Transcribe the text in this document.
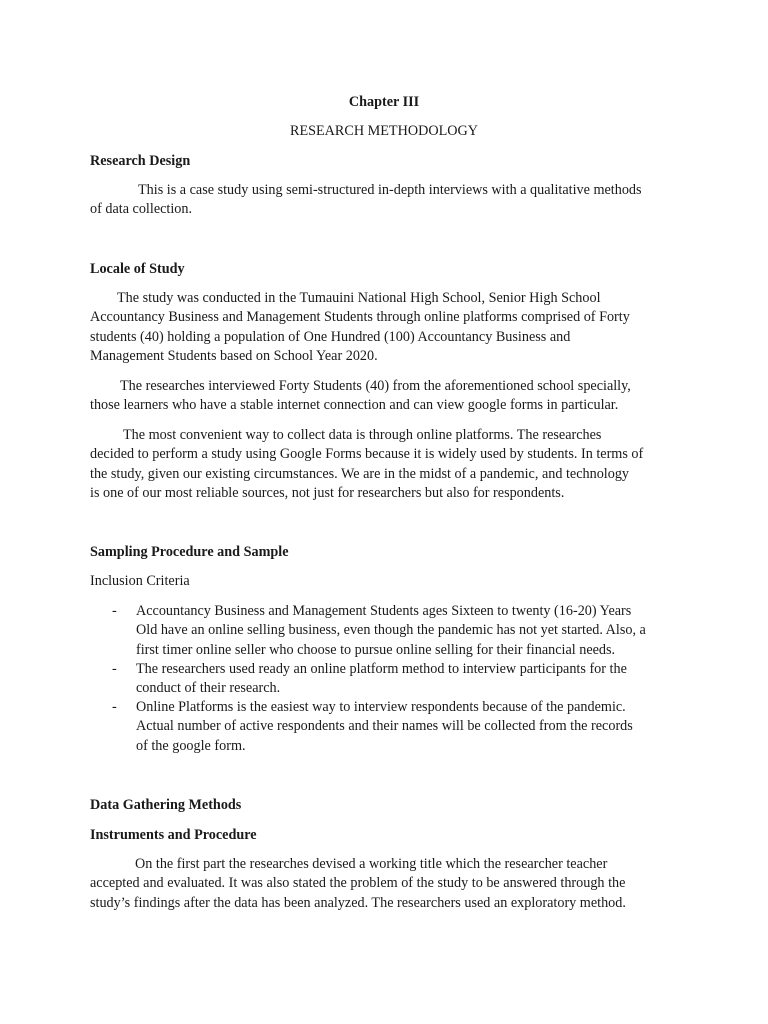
Chapter III
RESEARCH METHODOLOGY
Research Design
This is a case study using semi-structured in-depth interviews with a qualitative methods
of data collection.
Locale of Study
The study was conducted in the Tumauini National High School, Senior High School
Accountancy Business and Management Students through online platforms comprised of Forty
students (40) holding a population of One Hundred (100) Accountancy Business and
Management Students based on School Year 2020.
The researches interviewed Forty Students (40) from the aforementioned school specially,
those learners who have a stable internet connection and can view google forms in particular.
The most convenient way to collect data is through online platforms. The researches
decided to perform a study using Google Forms because it is widely used by students. In terms of
the study, given our existing circumstances. We are in the midst of a pandemic, and technology
is one of our most reliable sources, not just for researchers but also for respondents.
Sampling Procedure and Sample
Inclusion Criteria
- Accountancy Business and Management Students ages Sixteen to twenty (16-20) Years
Old have an online selling business, even though the pandemic has not yet started. Also, a
first timer online seller who choose to pursue online selling for their financial needs.
- The researchers used ready an online platform method to interview participants for the
conduct of their research.
- Online Platforms is the easiest way to interview respondents because of the pandemic.
Actual number of active respondents and their names will be collected from the records
of the google form.
Data Gathering Methods
Instruments and Procedure
On the first part the researches devised a working title which the researcher teacher
accepted and evaluated. It was also stated the problem of the study to be answered through the
study’s findings after the data has been analyzed. The researchers used an exploratory method.
